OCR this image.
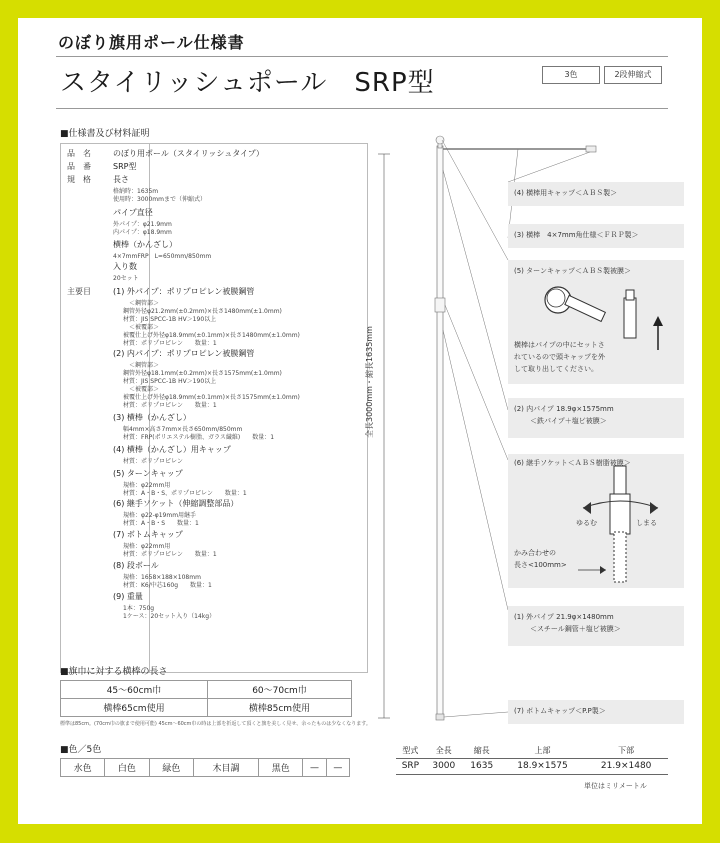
のぼり旗用ポール仕様書
スタイリッシュポール　SRP型	3色	2段伸縮式
■仕様書及び材料証明
品　名	のぼり用ポール（スタイリッシュタイプ）
品　番	SRP型
規　格	長さ
格納時：1635m
使用時：3000mmまで（伸縮式）
パイプ直径
外パイプ：φ21.9mm
内パイプ：φ18.9mm
横棒（かんざし）
4×7mmFRP　L=650mm/850mm
入り数
20セット
主要目	(1) 外パイプ：ポリプロピレン被膜鋼管
＜鋼管部＞
鋼管外径φ21.2mm(±0.2mm)×長さ1480mm(±1.0mm)
材質：JIS SPCC-1B HV＞190以上
＜被覆部＞
被覆仕上げ外径φ18.9mm(±0.1mm)×長さ1480mm(±1.0mm)
材質：ポリプロピレン　　数量：1
(2) 内パイプ：ポリプロピレン被膜鋼管
＜鋼管部＞
鋼管外径φ18.1mm(±0.2mm)×長さ1575mm(±1.0mm)
材質：JIS SPCC-1B HV＞190以上
＜被覆部＞
被覆仕上げ外径φ18.9mm(±0.1mm)×長さ1575mm(±1.0mm)
材質：ポリプロピレン　　数量：1
(3) 横棒（かんざし）
幅4mm×高さ7mm×長さ650mm/850mm
材質：FRP(ポリエステル樹脂、ガラス繊維)　　数量：1
(4) 横棒（かんざし）用キャップ
材質：ポリプロピレン
(5) ターンキャップ
規格：φ22mm用
材質：A・B・S、ポリプロピレン　　数量：1
(6) 継手ソケット（伸縮調整部品）
規格：φ22-φ19mm用継手
材質：A・B・S　　数量：1
(7) ボトムキャップ
規格：φ22mm用
材質：ポリプロピレン　　数量：1
(8) 段ボール
規格：1658×188×108mm
材質：K6/中芯160g　　数量：1
(9) 重量
1本：750g
1ケース：20セット入り（14kg）
■旗巾に対する横棒の長さ
45〜60cm巾	60〜70cm巾
横棒65cm使用	横棒85cm使用
標準は85cm。(70cm巾の旗まで使用可能) 45cm〜60cm巾の時は上部を折返して頂くと旗を美しく見せ、余ったものは少なくなります。
■色／5色
水色	白色	緑色	木目調	黒色	—	—
型式	全長	縮長	上部	下部
SRP	3000	1635	18.9×1575	21.9×1480
単位はミリメートル
全長3000mm・縮長1635mm
(4) 横棒用キャップ＜ＡＢＳ製＞
(3) 横棒　4×7mm角仕様＜ＦＲＰ製＞
(5) ターンキャップ＜ＡＢＳ製被膜＞
横棒はパイプの中にセットさ
れているので頭キャップを外
して取り出してください。
(2) 内パイプ 18.9φ×1575mm
＜鉄パイプ＋塩ビ被膜＞
(6) 継手ソケット＜ＡＢＳ樹脂被膜＞
ゆるむ	しまる
かみ合わせの
長さ<100mm>
(1) 外パイプ 21.9φ×1480mm
＜スチール鋼管＋塩ビ被膜＞
(7) ボトムキャップ＜P.P製＞
